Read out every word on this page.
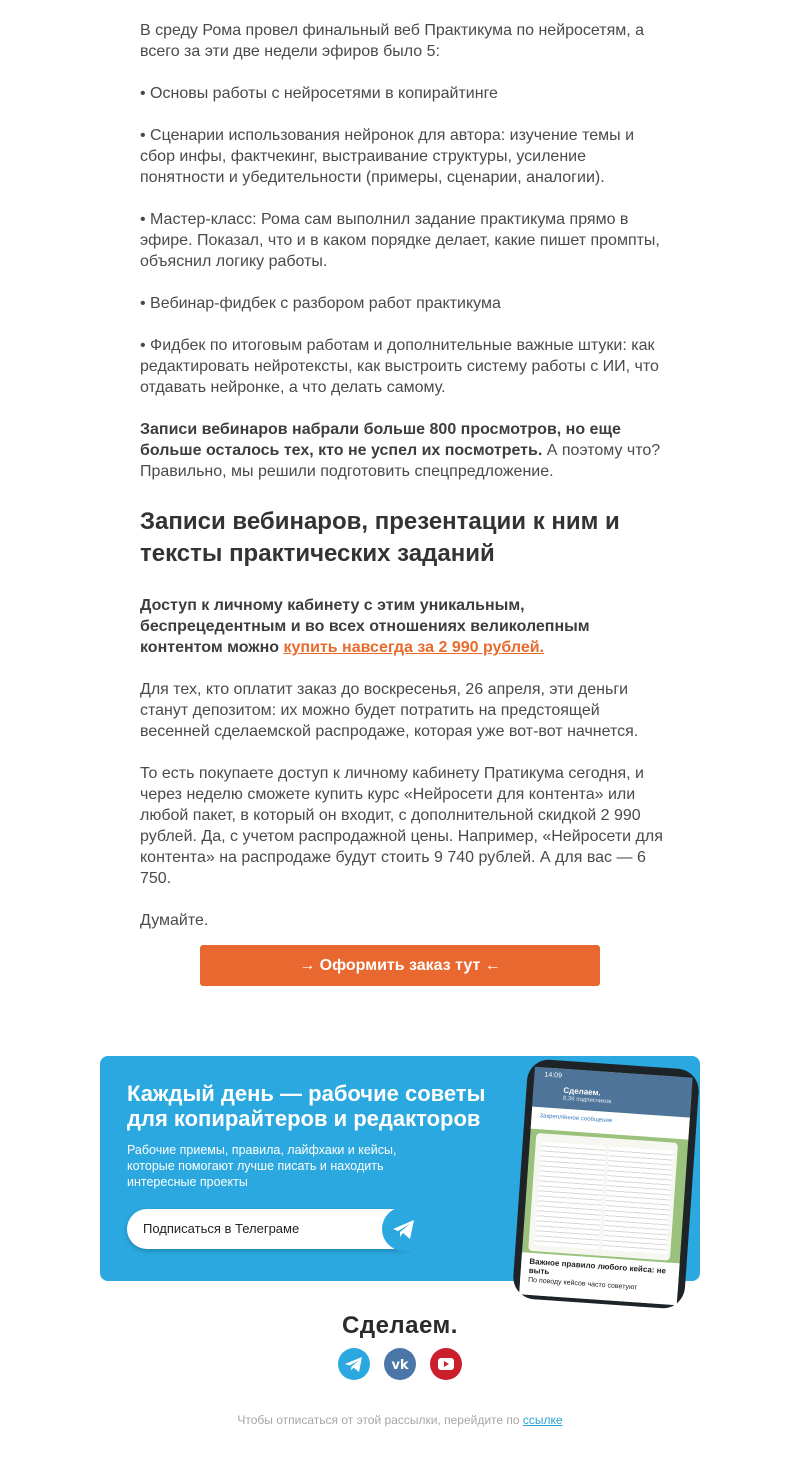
В среду Рома провел финальный веб Практикума по нейросетям, а всего за эти две недели эфиров было 5:

• Основы работы с нейросетями в копирайтинге

• Сценарии использования нейронок для автора: изучение темы и сбор инфы, фактчекинг, выстраивание структуры, усиление понятности и убедительности (примеры, сценарии, аналогии).

• Мастер-класс: Рома сам выполнил задание практикума прямо в эфире. Показал, что и в каком порядке делает, какие пишет промпты, объяснил логику работы.

• Вебинар-фидбек с разбором работ практикума

• Фидбек по итоговым работам и дополнительные важные штуки: как редактировать нейротексты, как выстроить систему работы с ИИ, что отдавать нейронке, а что делать самому.

Записи вебинаров набрали больше 800 просмотров, но еще больше осталось тех, кто не успел их посмотреть. А поэтому что? Правильно, мы решили подготовить спецпредложение.

Записи вебинаров, презентации к ним и тексты практических заданий

Доступ к личному кабинету с этим уникальным, беспрецедентным и во всех отношениях великолепным контентом можно купить навсегда за 2 990 рублей.

Для тех, кто оплатит заказ до воскресенья, 26 апреля, эти деньги станут депозитом: их можно будет потратить на предстоящей весенней сделаемской распродаже, которая уже вот-вот начнется.

То есть покупаете доступ к личному кабинету Пратикума сегодня, и через неделю сможете купить курс «Нейросети для контента» или любой пакет, в который он входит, с дополнительной скидкой 2 990 рублей. Да, с учетом распродажной цены. Например, «Нейросети для контента» на распродаже будут стоить 9 740 рублей. А для вас — 6 750.

Думайте.

→ Оформить заказ тут ←
Каждый день — рабочие советы для копирайтеров и редакторов
Рабочие приемы, правила, лайфхаки и кейсы, которые помогают лучше писать и находить интересные проекты
Подписаться в Телеграме
14:09
Сделаем.
8,3К подписчиков
Закреплённое сообщение
Важное правило любого кейса: не выть
По поводу кейсов часто советуют
Сделаем.
vk
Чтобы отписаться от этой рассылки, перейдите по ссылке
